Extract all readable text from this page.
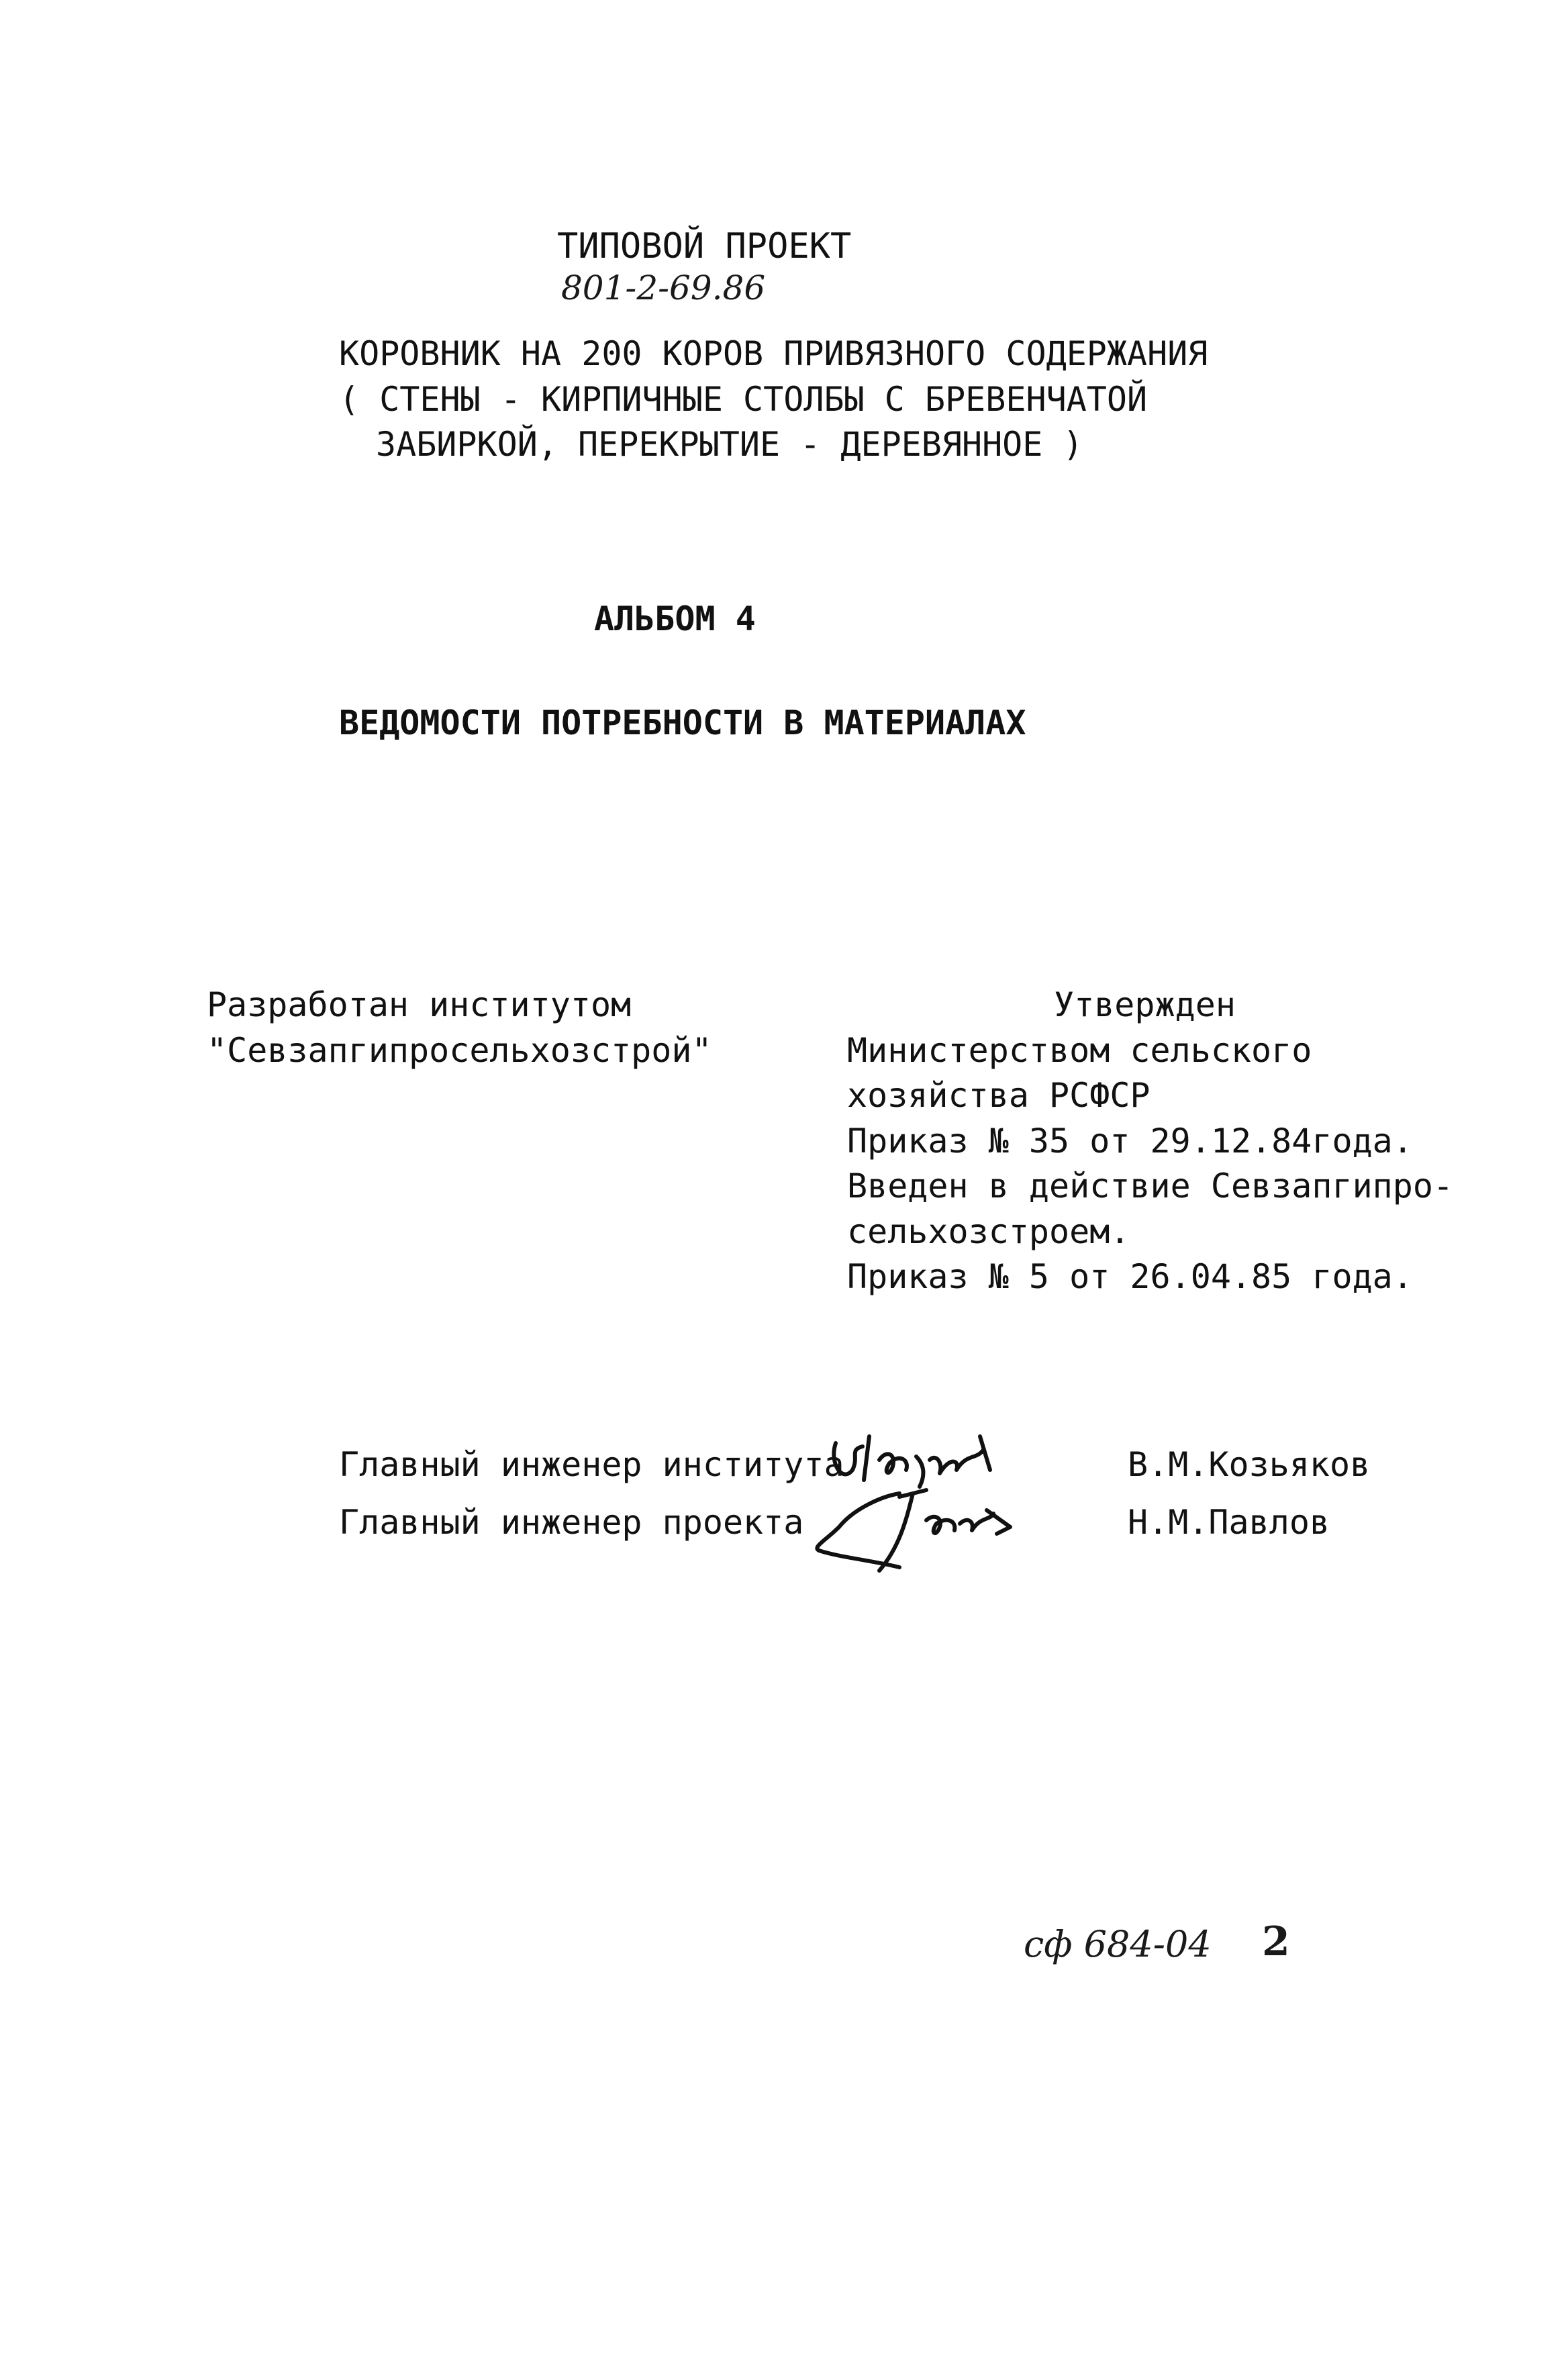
ТИПОВОЙ ПРОЕКТ
801-2-69.86
КОРОВНИК НА 200 КОРОВ ПРИВЯЗНОГО СОДЕРЖАНИЯ
( СТЕНЫ - КИРПИЧНЫЕ СТОЛБЫ С БРЕВЕНЧАТОЙ
ЗАБИРКОЙ, ПЕРЕКРЫТИЕ - ДЕРЕВЯННОЕ )
АЛЬБОМ 4
ВЕДОМОСТИ ПОТРЕБНОСТИ В МАТЕРИАЛАХ
Разработан институтом
"Севзапгипросельхозстрой"
Утвержден
Министерством сельского
хозяйства РСФСР
Приказ № 35 от 29.12.84года.
Введен в действие Севзапгипро-
сельхозстроем.
Приказ № 5 от 26.04.85 года.
Главный инженер института	В.М.Козьяков
Главный инженер проекта	Н.М.Павлов
сф 684-04 2
